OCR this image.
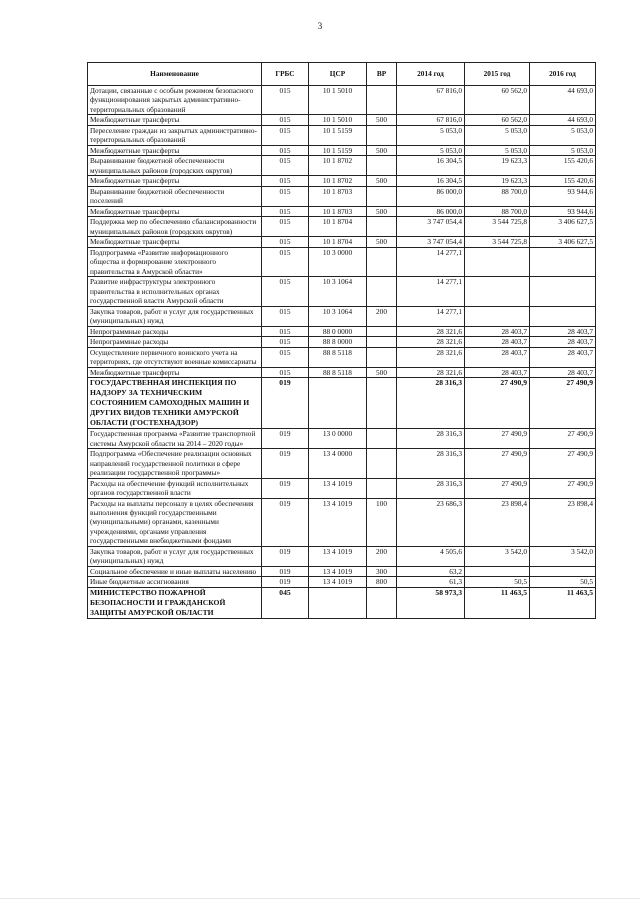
3
Наименование	ГРБС	ЦСР	ВР	2014 год	2015 год	2016 год
Дотации, связанные с особым режимом безопасного функционирования закрытых административно-территориальных образований	015	10 1 5010		67 816,0	60 562,0	44 693,0
Межбюджетные трансферты	015	10 1 5010	500	67 816,0	60 562,0	44 693,0
Переселение граждан из закрытых административно-территориальных образований	015	10 1 5159		5 053,0	5 053,0	5 053,0
Межбюджетные трансферты	015	10 1 5159	500	5 053,0	5 053,0	5 053,0
Выравнивание бюджетной обеспеченности муниципальных районов (городских округов)	015	10 1 8702		16 304,5	19 623,3	155 420,6
Межбюджетные трансферты	015	10 1 8702	500	16 304,5	19 623,3	155 420,6
Выравнивание бюджетной обеспеченности поселений	015	10 1 8703		86 000,0	88 700,0	93 944,6
Межбюджетные трансферты	015	10 1 8703	500	86 000,0	88 700,0	93 944,6
Поддержка мер по обеспечению сбалансированности муниципальных районов (городских округов)	015	10 1 8704		3 747 054,4	3 544 725,8	3 406 627,5
Межбюджетные трансферты	015	10 1 8704	500	3 747 054,4	3 544 725,8	3 406 627,5
Подпрограмма «Развитие информационного общества и формирование электронного правительства в Амурской области»	015	10 3 0000		14 277,1		
Развитие инфраструктуры электронного правительства в исполнительных органах государственной власти Амурской области	015	10 3 1064		14 277,1		
Закупка товаров, работ и услуг для государственных (муниципальных) нужд	015	10 3 1064	200	14 277,1		
Непрограммные расходы	015	88 0 0000		28 321,6	28 403,7	28 403,7
Непрограммные расходы	015	88 8 0000		28 321,6	28 403,7	28 403,7
Осуществление первичного воинского учета на территориях, где отсутствуют военные комиссариаты	015	88 8 5118		28 321,6	28 403,7	28 403,7
Межбюджетные трансферты	015	88 8 5118	500	28 321,6	28 403,7	28 403,7
ГОСУДАРСТВЕННАЯ ИНСПЕКЦИЯ ПО НАДЗОРУ ЗА ТЕХНИЧЕСКИМ СОСТОЯНИЕМ САМОХОДНЫХ МАШИН И ДРУГИХ ВИДОВ ТЕХНИКИ АМУРСКОЙ ОБЛАСТИ (ГОСТЕХНАДЗОР)	019			28 316,3	27 490,9	27 490,9
Государственная программа «Развитие транспортной системы Амурской области на 2014 – 2020 годы»	019	13 0 0000		28 316,3	27 490,9	27 490,9
Подпрограмма «Обеспечение реализации основных направлений государственной политики в сфере реализации государственной программы»	019	13 4 0000		28 316,3	27 490,9	27 490,9
Расходы на обеспечение функций исполнительных органов государственной власти	019	13 4 1019		28 316,3	27 490,9	27 490,9
Расходы на выплаты персоналу в целях обеспечения выполнения функций государственными (муниципальными) органами, казенными учреждениями, органами управления государственными внебюджетными фондами	019	13 4 1019	100	23 686,3	23 898,4	23 898,4
Закупка товаров, работ и услуг для государственных (муниципальных) нужд	019	13 4 1019	200	4 505,6	3 542,0	3 542,0
Социальное обеспечение и иные выплаты населению	019	13 4 1019	300	63,2		
Иные бюджетные ассигнования	019	13 4 1019	800	61,3	50,5	50,5
МИНИСТЕРСТВО ПОЖАРНОЙ БЕЗОПАСНОСТИ И ГРАЖДАНСКОЙ ЗАЩИТЫ АМУРСКОЙ ОБЛАСТИ	045			58 973,3	11 463,5	11 463,5
